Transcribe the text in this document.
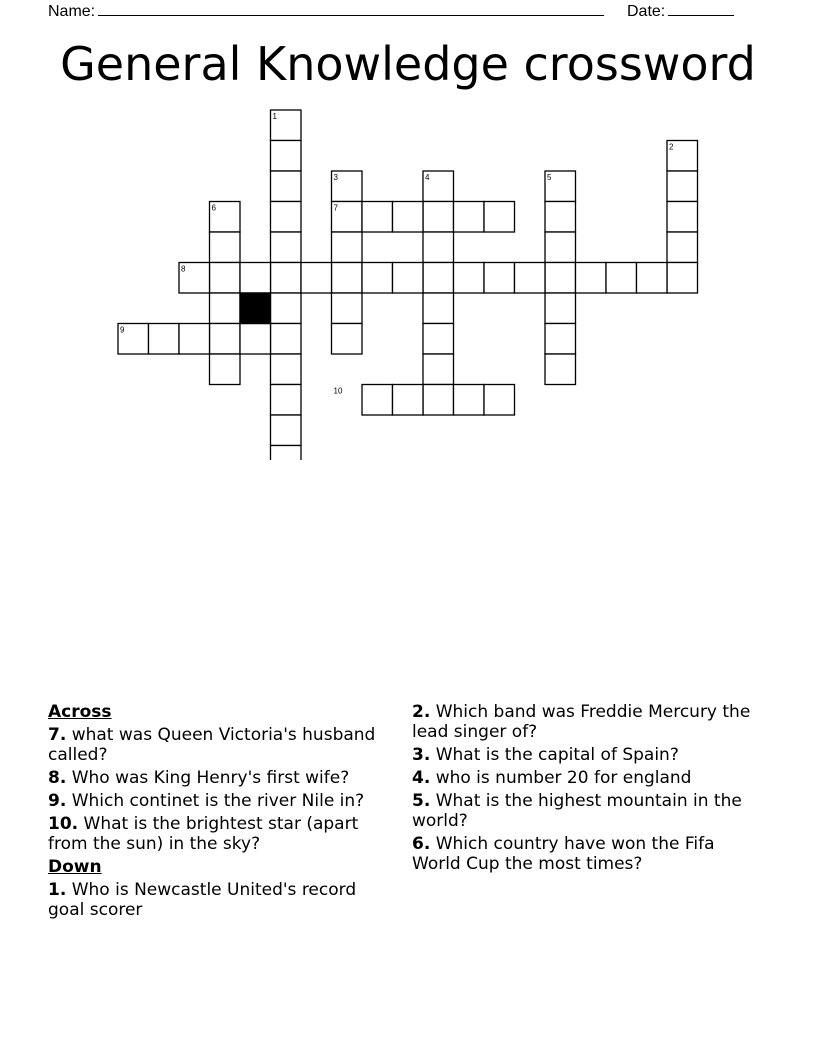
Name:	Date:
General Knowledge crossword
1
2
3	4	5
6	7
8
9
10
Across
7. what was Queen Victoria's husband called?
8. Who was King Henry's first wife?
9. Which continet is the river Nile in?
10. What is the brightest star (apart from the sun) in the sky?
Down
1. Who is Newcastle United's record goal scorer
2. Which band was Freddie Mercury the lead singer of?
3. What is the capital of Spain?
4. who is number 20 for england
5. What is the highest mountain in the world?
6. Which country have won the Fifa World Cup the most times?
